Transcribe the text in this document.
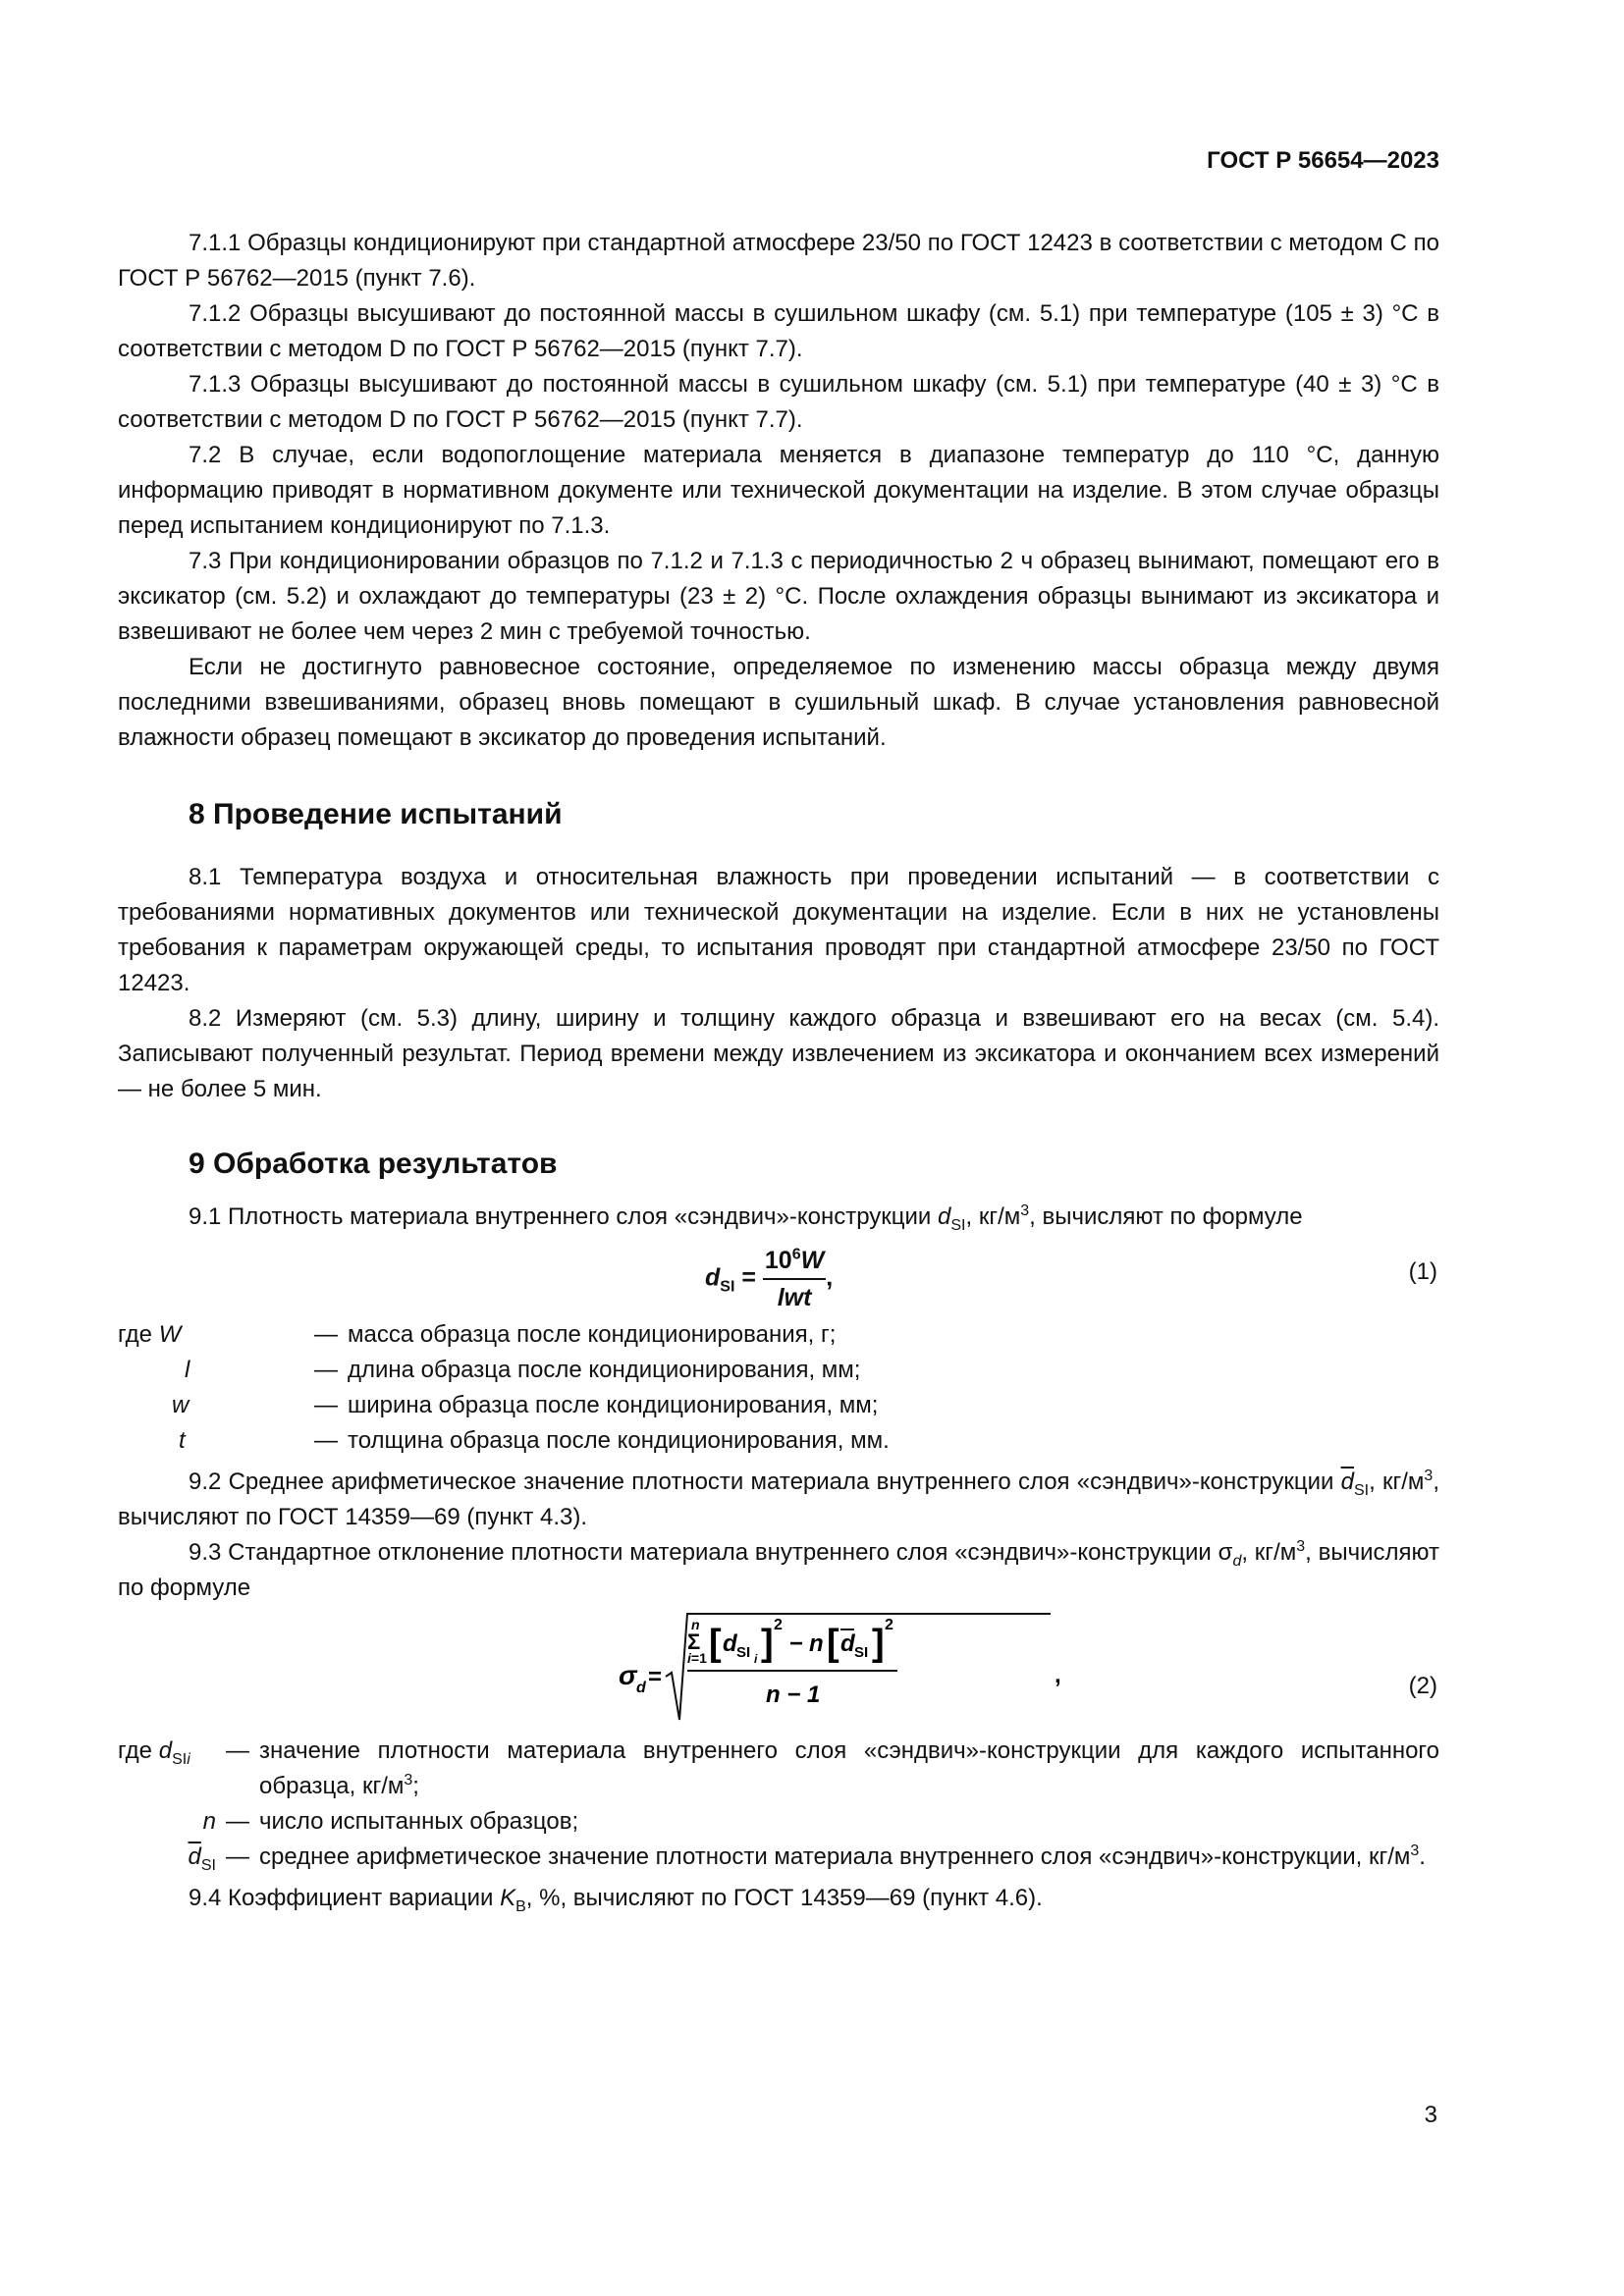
ГОСТ Р 56654—2023

7.1.1 Образцы кондиционируют при стандартной атмосфере 23/50 по ГОСТ 12423 в соответствии с методом С по ГОСТ Р 56762—2015 (пункт 7.6).

7.1.2 Образцы высушивают до постоянной массы в сушильном шкафу (см. 5.1) при температуре (105 ± 3) °С в соответствии с методом D по ГОСТ Р 56762—2015 (пункт 7.7).

7.1.3 Образцы высушивают до постоянной массы в сушильном шкафу (см. 5.1) при температуре (40 ± 3) °С в соответствии с методом D по ГОСТ Р 56762—2015 (пункт 7.7).

7.2 В случае, если водопоглощение материала меняется в диапазоне температур до 110 °С, данную информацию приводят в нормативном документе или технической документации на изделие. В этом случае образцы перед испытанием кондиционируют по 7.1.3.

7.3 При кондиционировании образцов по 7.1.2 и 7.1.3 с периодичностью 2 ч образец вынимают, помещают его в эксикатор (см. 5.2) и охлаждают до температуры (23 ± 2) °С. После охлаждения образцы вынимают из эксикатора и взвешивают не более чем через 2 мин с требуемой точностью.

Если не достигнуто равновесное состояние, определяемое по изменению массы образца между двумя последними взвешиваниями, образец вновь помещают в сушильный шкаф. В случае установления равновесной влажности образец помещают в эксикатор до проведения испытаний.

8 Проведение испытаний

8.1 Температура воздуха и относительная влажность при проведении испытаний — в соответствии с требованиями нормативных документов или технической документации на изделие. Если в них не установлены требования к параметрам окружающей среды, то испытания проводят при стандартной атмосфере 23/50 по ГОСТ 12423.

8.2 Измеряют (см. 5.3) длину, ширину и толщину каждого образца и взвешивают его на весах (см. 5.4). Записывают полученный результат. Период времени между извлечением из эксикатора и окончанием всех измерений — не более 5 мин.

9 Обработка результатов

9.1 Плотность материала внутреннего слоя «сэндвич»-конструкции $d_{SI}$, $кг/м^3$, вычисляют по формуле

$d_{SI} = \frac{10^6W}{\text{lwt}}$ ,	(1)
где W	— масса образца после кондиционирования, г;
l	— длина образца после кондиционирования, мм;
w	— ширина образца после кондиционирования, мм;
t	— толщина образца после кондиционирования, мм.

9.2 Среднее арифметическое значение плотности материала внутреннего слоя «сэндвич»-конструкции $\overline{d}_{SI}$, $кг/м^3$, вычисляют по ГОСТ 14359—69 (пункт 4.3).

9.3 Стандартное отклонение плотности материала внутреннего слоя «сэндвич»-конструкции $\sigma_d$, $кг/м^3$, вычисляют по формуле

σ d =
n
Σ
i=1 [ d SI i ] 2
− n [ d SI ] 2
n − 1
,	(2)
где $d_{SIi}$	— значение плотности материала внутреннего слоя «сэндвич»-конструкции для каждого испытанного образца, $кг/м^3$;
n — число испытанных образцов;
$\overline{d}_{SI}$ — среднее арифметическое значение плотности материала внутреннего слоя «сэндвич»-конструкции, $кг/м^3$.

9.4 Коэффициент вариации $K_В$, %, вычисляют по ГОСТ 14359—69 (пункт 4.6).

3
